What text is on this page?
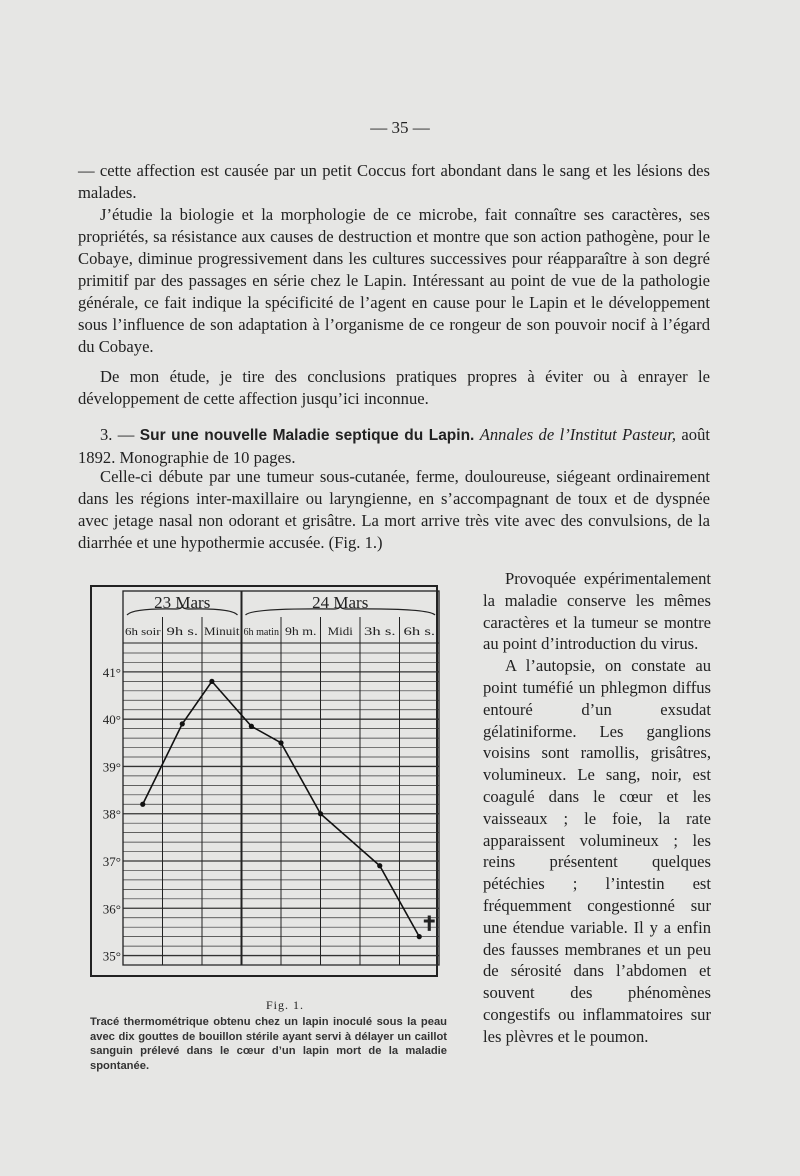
— 35 —

— cette affection est causée par un petit Coccus fort abondant dans le sang et les lésions des malades.

J’étudie la biologie et la morphologie de ce microbe, fait connaître ses caractères, ses propriétés, sa résistance aux causes de destruction et montre que son action pathogène, pour le Cobaye, diminue progressivement dans les cultures successives pour réapparaître à son degré primitif par des passages en série chez le Lapin. Intéressant au point de vue de la pathologie générale, ce fait indique la spécificité de l’agent en cause pour le Lapin et le développement sous l’influence de son adaptation à l’organisme de ce rongeur de son pouvoir nocif à l’égard du Cobaye.

De mon étude, je tire des conclusions pratiques propres à éviter ou à enrayer le développement de cette affection jusqu’ici inconnue.

3. — Sur une nouvelle Maladie septique du Lapin. Annales de l’Institut Pasteur, août 1892. Monographie de 10 pages.

Celle-ci débute par une tumeur sous-cutanée, ferme, douloureuse, siégeant ordinairement dans les régions inter-maxillaire ou laryngienne, en s’accompagnant de toux et de dyspnée avec jetage nasal non odorant et grisâtre. La mort arrive très vite avec des convulsions, de la diarrhée et une hypothermie accusée. (Fig. 1.)

23 Mars	24 Mars
6h soir 9h s. Minuit 6h matin 9h m. Midi 3h s. 6h s.
41°
40°
39°
38°
37°
36°
35°
✝
Fig. 1.
Tracé thermométrique obtenu chez un lapin inoculé sous la peau avec dix gouttes de bouillon stérile ayant servi à délayer un caillot sanguin prélevé dans le cœur d’un lapin mort de la maladie spontanée.

Provoquée expérimentalement la maladie conserve les mêmes caractères et la tumeur se montre au point d’introduction du virus.

A l’autopsie, on constate au point tuméfié un phlegmon diffus entouré d’un exsudat gélatiniforme. Les ganglions voisins sont ramollis, grisâtres, volumineux. Le sang, noir, est coagulé dans le cœur et les vaisseaux ; le foie, la rate apparaissent volumineux ; les reins présentent quelques pétéchies ; l’intestin est fréquemment congestionné sur une étendue variable. Il y a enfin des fausses membranes et un peu de sérosité dans l’abdomen et souvent des phénomènes congestifs ou inflammatoires sur les plèvres et le poumon.
